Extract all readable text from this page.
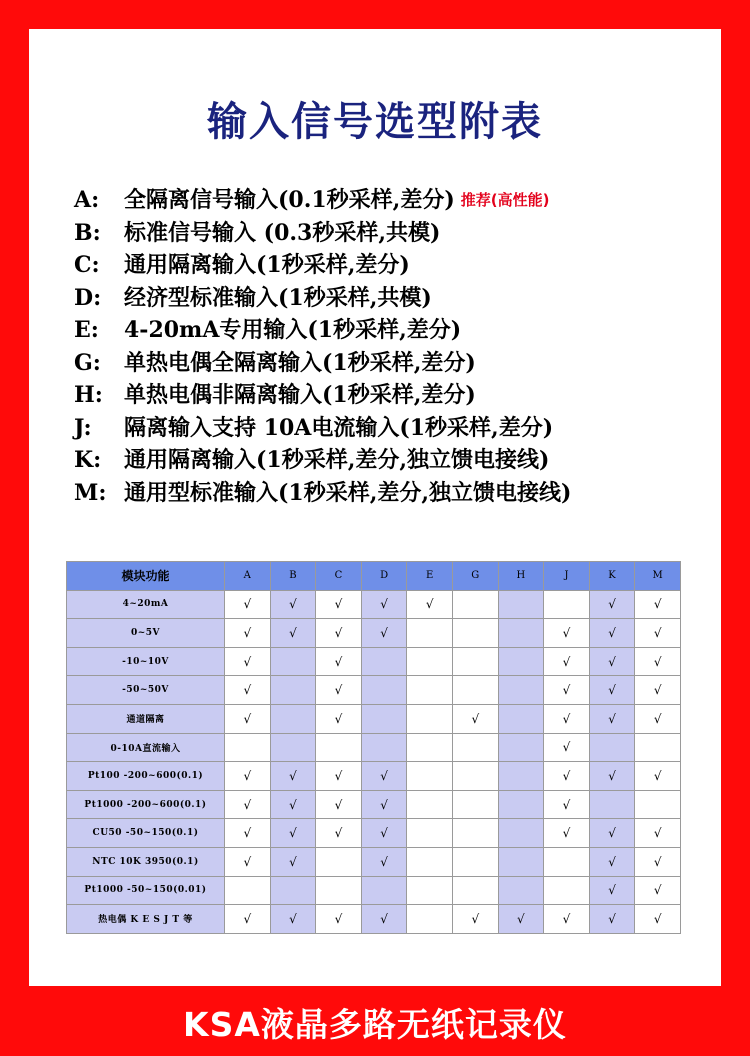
输入信号选型附表
A: 全隔离信号输入(0.1秒采样,差分) 推荐(高性能)
B: 标准信号输入 (0.3秒采样,共模)
C: 通用隔离输入(1秒采样,差分)
D: 经济型标准输入(1秒采样,共模)
E: 4-20mA专用输入(1秒采样,差分)
G: 单热电偶全隔离输入(1秒采样,差分)
H: 单热电偶非隔离输入(1秒采样,差分)
J: 隔离输入支持 10A电流输入(1秒采样,差分)
K: 通用隔离输入(1秒采样,差分,独立馈电接线)
M: 通用型标准输入(1秒采样,差分,独立馈电接线)
模块功能	A	B	C	D	E	G	H	J	K	M
4~20mA	√	√	√	√	√				√	√
0~5V	√	√	√	√				√	√	√
-10~10V	√		√					√	√	√
-50~50V	√		√					√	√	√
通道隔离	√		√			√		√	√	√
0-10A直流输入								√		
Pt100 -200~600(0.1)	√	√	√	√				√	√	√
Pt1000 -200~600(0.1)	√	√	√	√				√		
CU50 -50~150(0.1)	√	√	√	√				√	√	√
NTC 10K 3950(0.1)	√	√		√					√	√
Pt1000 -50~150(0.01)									√	√
热电偶 K E S J T 等	√	√	√	√		√	√	√	√	√
KSA液晶多路无纸记录仪
